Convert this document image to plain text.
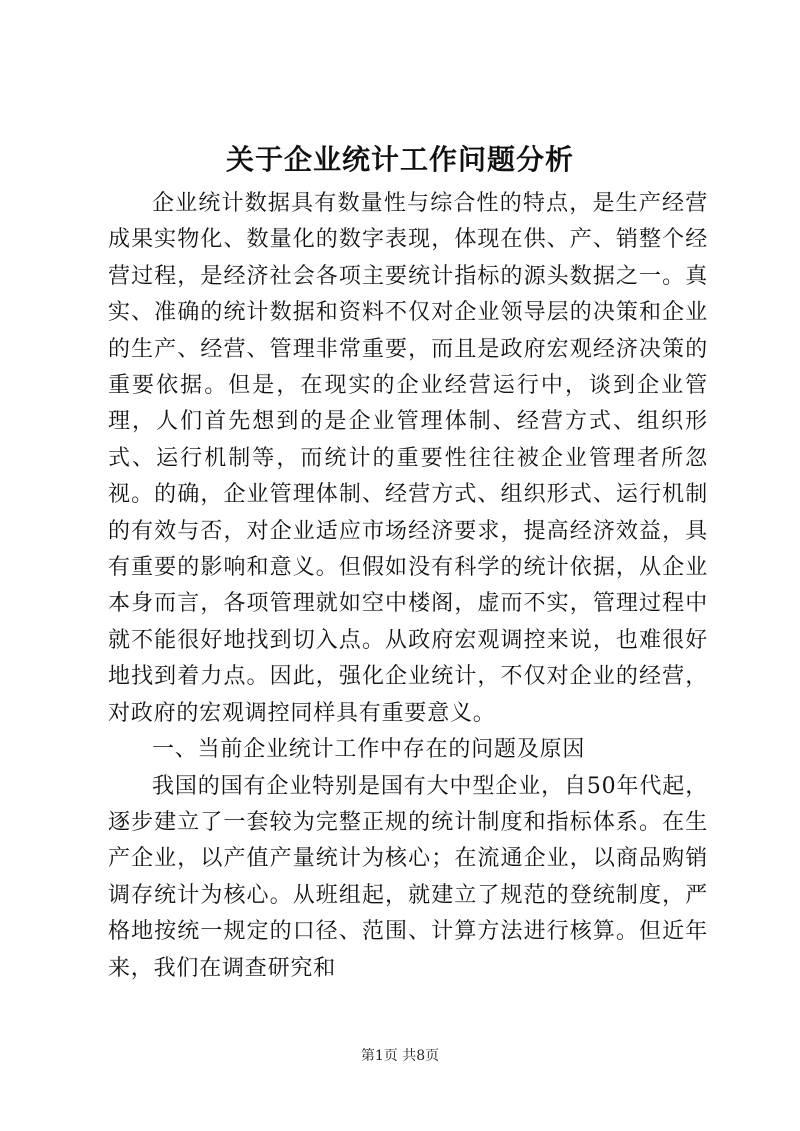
关于企业统计工作问题分析

企业统计数据具有数量性与综合性的特点，是生产经营成果实物化、数量化的数字表现，体现在供、产、销整个经营过程，是经济社会各项主要统计指标的源头数据之一。真实、准确的统计数据和资料不仅对企业领导层的决策和企业的生产、经营、管理非常重要，而且是政府宏观经济决策的重要依据。但是，在现实的企业经营运行中，谈到企业管理，人们首先想到的是企业管理体制、经营方式、组织形式、运行机制等，而统计的重要性往往被企业管理者所忽视。的确，企业管理体制、经营方式、组织形式、运行机制的有效与否，对企业适应市场经济要求，提高经济效益，具有重要的影响和意义。但假如没有科学的统计依据，从企业本身而言，各项管理就如空中楼阁，虚而不实，管理过程中就不能很好地找到切入点。从政府宏观调控来说，也难很好地找到着力点。因此，强化企业统计，不仅对企业的经营，对政府的宏观调控同样具有重要意义。

一、当前企业统计工作中存在的问题及原因

我国的国有企业特别是国有大中型企业，自50年代起，逐步建立了一套较为完整正规的统计制度和指标体系。在生产企业，以产值产量统计为核心；在流通企业，以商品购销调存统计为核心。从班组起，就建立了规范的登统制度，严格地按统一规定的口径、范围、计算方法进行核算。但近年来，我们在调查研究和

第1页 共8页
